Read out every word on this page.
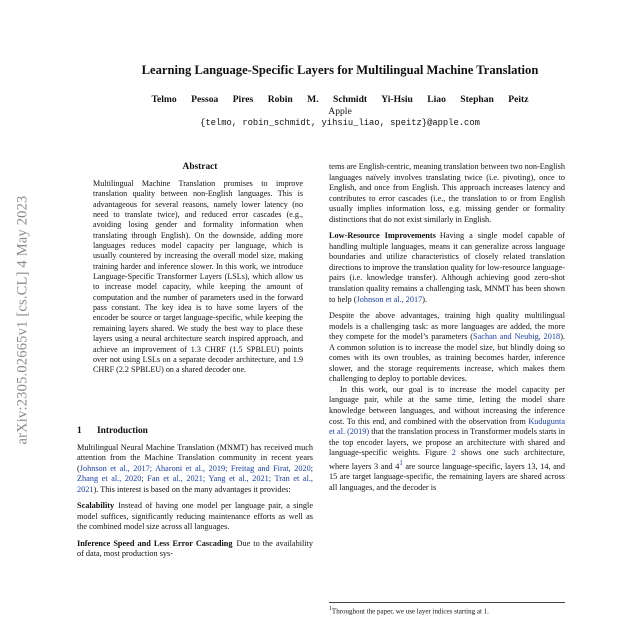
arXiv:2305.02665v1 [cs.CL] 4 May 2023
Learning Language-Specific Layers for Multilingual Machine Translation
Telmo Pessoa Pires Robin M. Schmidt Yi-Hsiu Liao Stephan Peitz
Apple
{telmo, robin_schmidt, yihsiu_liao, speitz}@apple.com
Abstract

Multilingual Machine Translation promises to improve translation quality between non-English languages. This is advantageous for several reasons, namely lower latency (no need to translate twice), and reduced error cascades (e.g., avoiding losing gender and formality information when translating through English). On the downside, adding more languages reduces model capacity per language, which is usually countered by increasing the overall model size, making training harder and inference slower. In this work, we introduce Language-Specific Transformer Layers (LSLs), which allow us to increase model capacity, while keeping the amount of computation and the number of parameters used in the forward pass constant. The key idea is to have some layers of the encoder be source or target language-specific, while keeping the remaining layers shared. We study the best way to place these layers using a neural architecture search inspired approach, and achieve an improvement of 1.3 CHRF (1.5 SPBLEU) points over not using LSLs on a separate decoder architecture, and 1.9 CHRF (2.2 SPBLEU) on a shared decoder one.

1 Introduction

Multilingual Neural Machine Translation (MNMT) has received much attention from the Machine Translation community in recent years (Johnson et al., 2017; Aharoni et al., 2019; Freitag and Firat, 2020; Zhang et al., 2020; Fan et al., 2021; Yang et al., 2021; Tran et al., 2021). This interest is based on the many advantages it provides:

Scalability Instead of having one model per language pair, a single model suffices, significantly reducing maintenance efforts as well as the combined model size across all languages.

Inference Speed and Less Error Cascading Due to the availability of data, most production sys-

tems are English-centric, meaning translation between two non-English languages naïvely involves translating twice (i.e. pivoting), once to English, and once from English. This approach increases latency and contributes to error cascades (i.e., the translation to or from English usually implies information loss, e.g. missing gender or formality distinctions that do not exist similarly in English.

Low-Resource Improvements Having a single model capable of handling multiple languages, means it can generalize across language boundaries and utilize characteristics of closely related translation directions to improve the translation quality for low-resource language-pairs (i.e. knowledge transfer). Although achieving good zero-shot translation quality remains a challenging task, MNMT has been shown to help (Johnson et al., 2017).

Despite the above advantages, training high quality multilingual models is a challenging task: as more languages are added, the more they compete for the model’s parameters (Sachan and Neubig, 2018). A common solution is to increase the model size, but blindly doing so comes with its own troubles, as training becomes harder, inference slower, and the storage requirements increase, which makes them challenging to deploy to portable devices.

In this work, our goal is to increase the model capacity per language pair, while at the same time, letting the model share knowledge between languages, and without increasing the inference cost. To this end, and combined with the observation from Kudugunta et al. (2019) that the translation process in Transformer models starts in the top encoder layers, we propose an architecture with shared and language-specific weights. Figure 2 shows one such architecture, where layers 3 and 4$^1$ are source language-specific, layers 13, 14, and 15 are target language-specific, the remaining layers are shared across all languages, and the decoder is

$^1$Throughout the paper, we use layer indices starting at 1.
